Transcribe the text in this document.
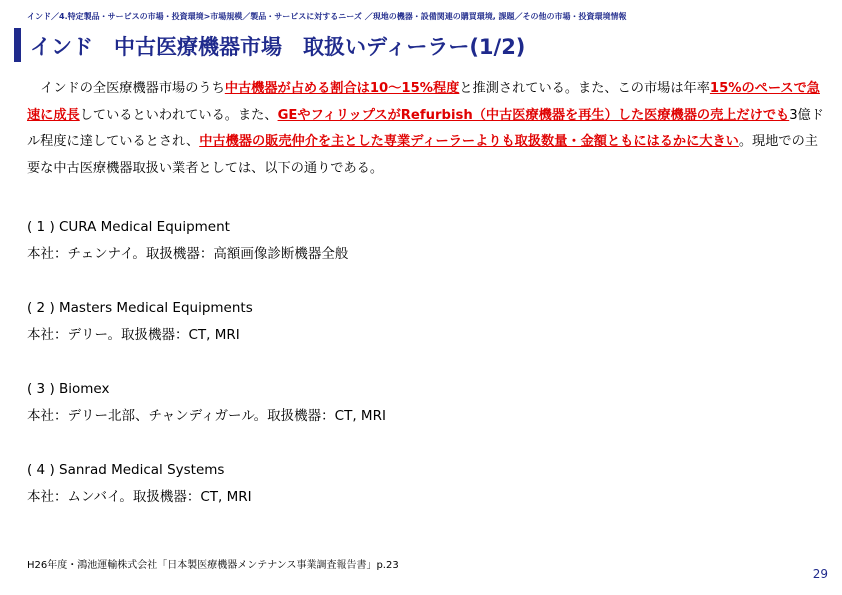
インド／4.特定製品・サービスの市場・投資環境>市場規模／製品・サービスに対するニーズ ／現地の機器・設備関連の購買環境, 課題／その他の市場・投資環境情報
インド　中古医療機器市場　取扱いディーラー(1/2)

　インドの全医療機器市場のうち中古機器が占める割合は10～15%程度と推測されている。また、この市場は年率15%のペースで急速に成長しているといわれている。また、GEやフィリップスがRefurbish（中古医療機器を再生）した医療機器の売上だけでも3億ドル程度に達しているとされ、中古機器の販売仲介を主とした専業ディーラーよりも取扱数量・金額ともにはるかに大きい。現地での主要な中古医療機器取扱い業者としては、以下の通りである。

( 1 ) CURA Medical Equipment
本社：チェンナイ。取扱機器：高額画像診断機器全般
( 2 ) Masters Medical Equipments
本社：デリー。取扱機器：CT, MRI
( 3 ) Biomex
本社：デリー北部、チャンディガール。取扱機器：CT, MRI
( 4 ) Sanrad Medical Systems
本社：ムンバイ。取扱機器：CT, MRI
H26年度・鴻池運輸株式会社「日本製医療機器メンテナンス事業調査報告書」p.23
29
